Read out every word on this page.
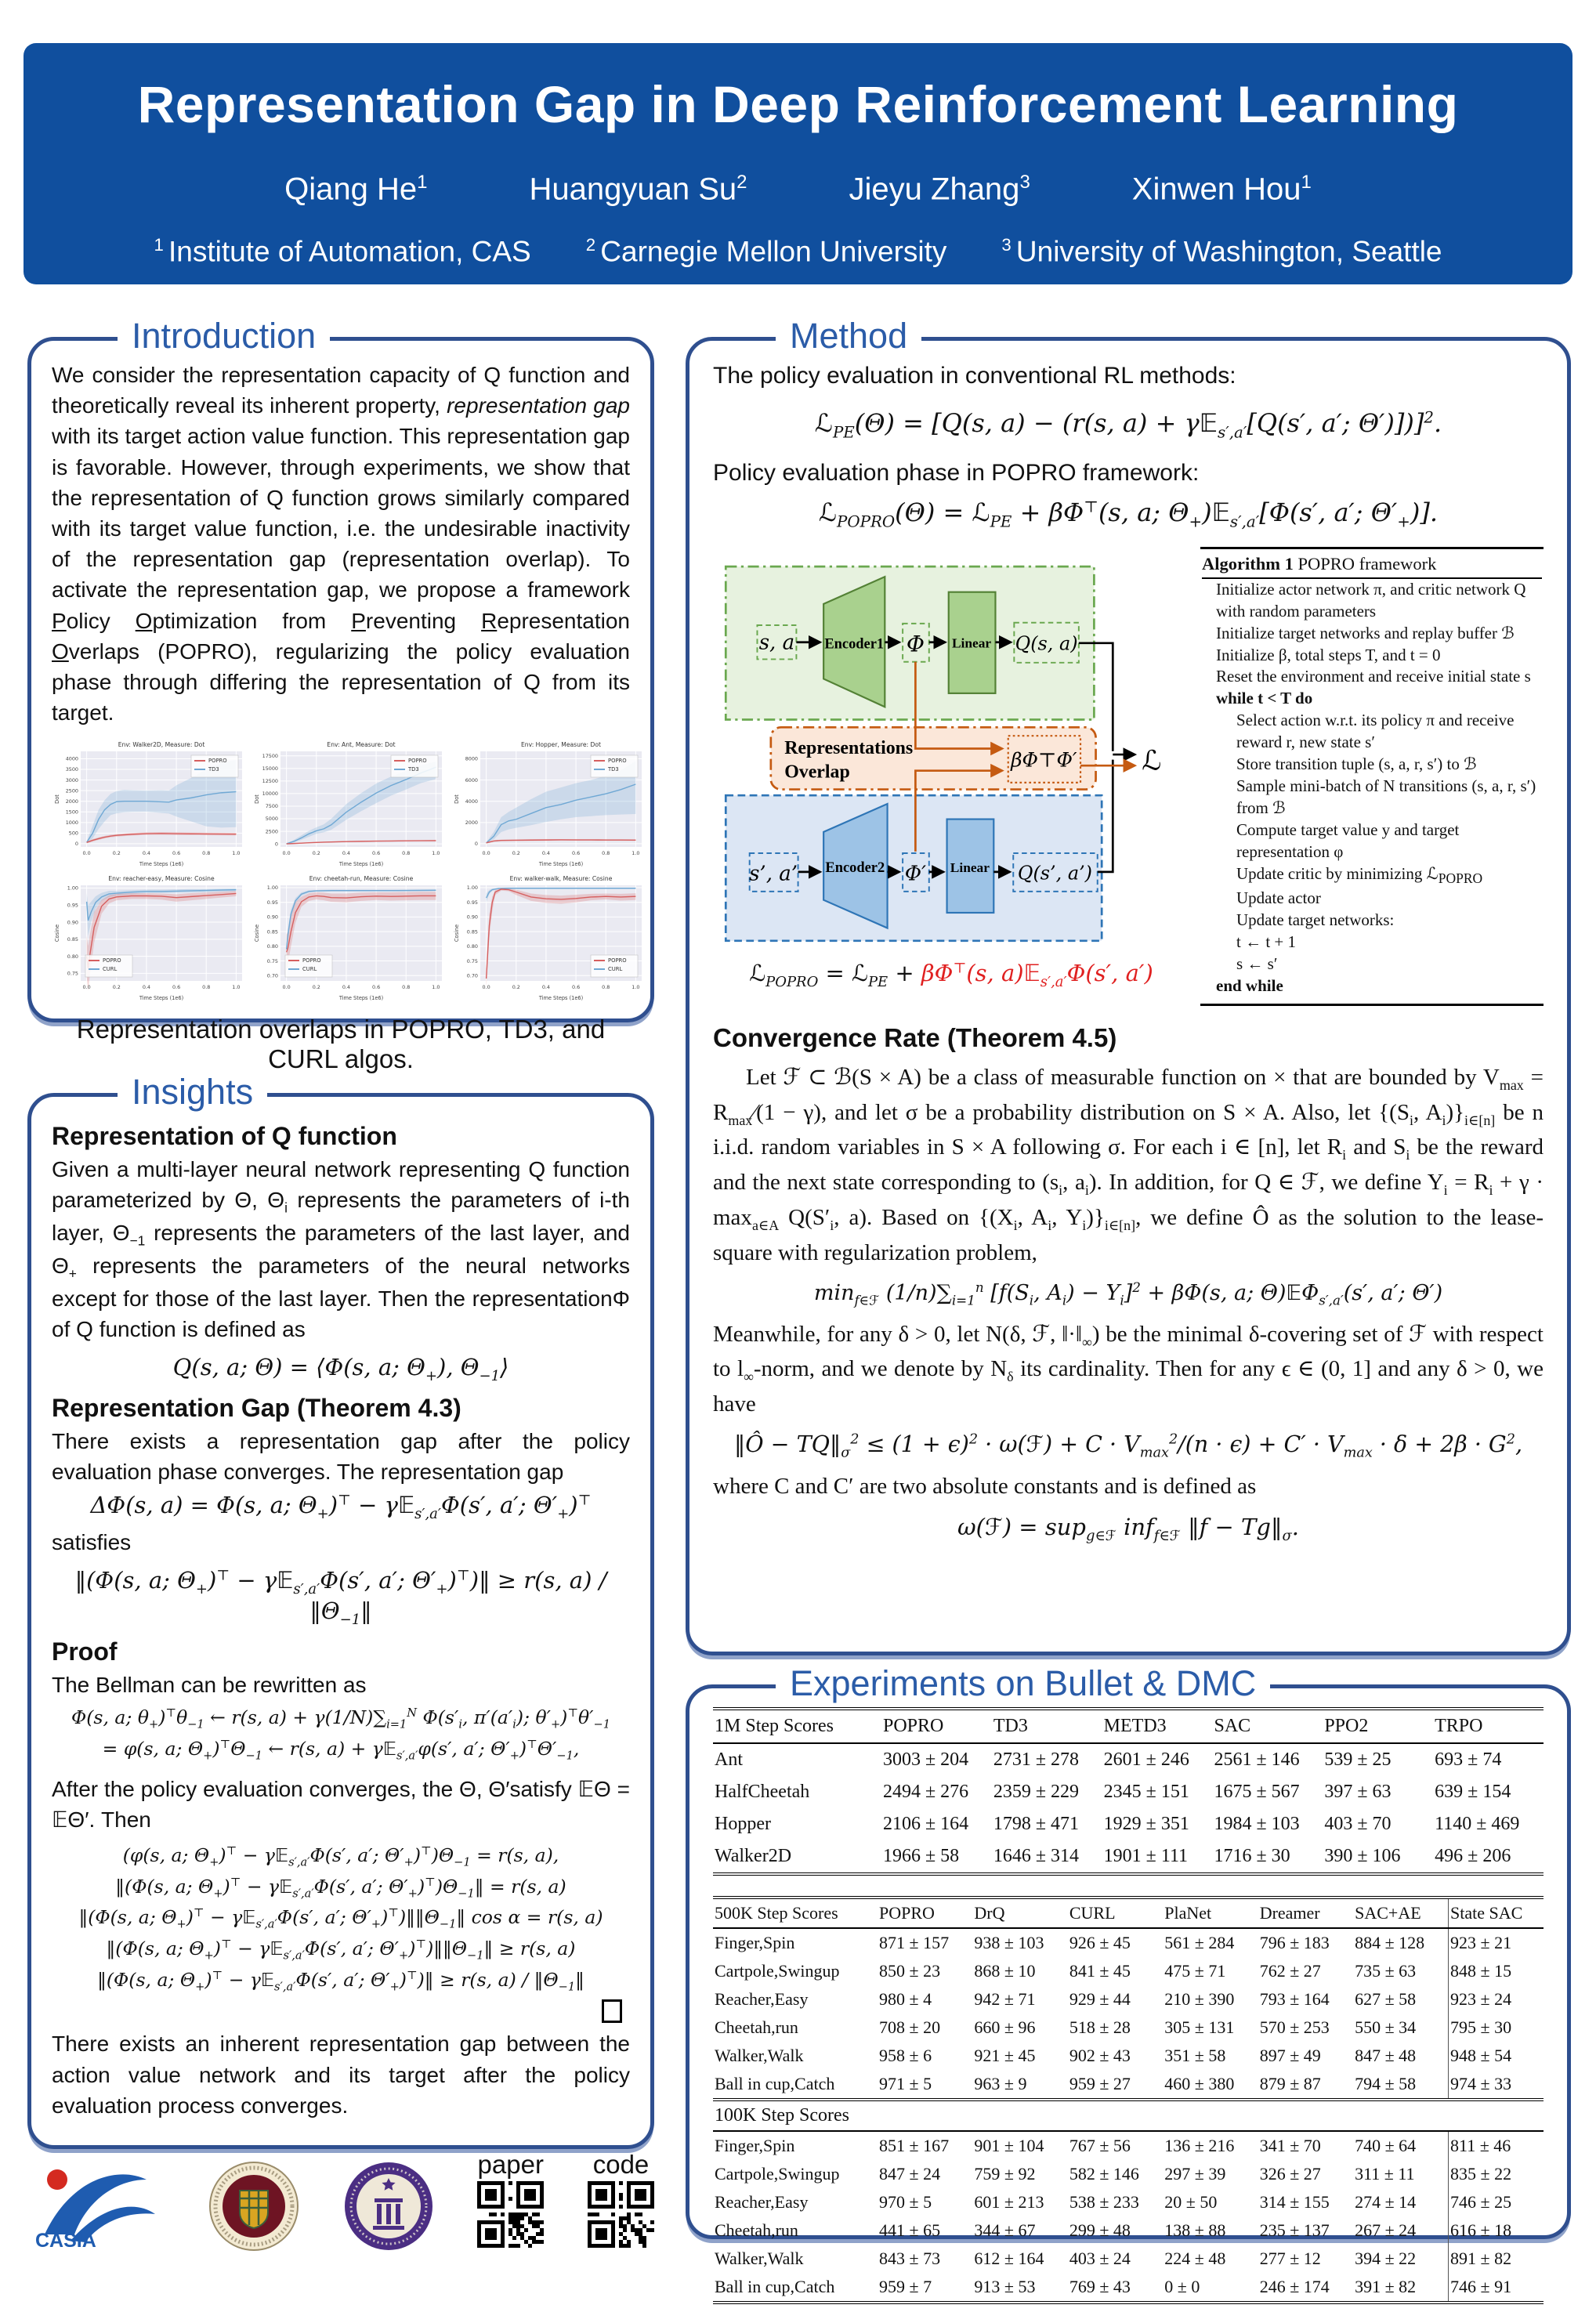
Representation Gap in Deep Reinforcement Learning
Qiang He$^1$	Huangyuan Su$^2$	Jieyu Zhang$^3$	Xinwen Hou$^1$
$^1$ Institute of Automation, CAS	$^2$ Carnegie Mellon University	$^3$ University of Washington, Seattle
Introduction
We consider the representation capacity of Q function and theoretically reveal its inherent property, representation gap with its target action value function. This representation gap is favorable. However, through experiments, we show that the representation of Q function grows similarly compared with its target value function, i.e. the undesirable inactivity of the representation gap (representation overlap). To activate the representation gap, we propose a framework Policy Optimization from Preventing Representation Overlaps (POPRO), regularizing the policy evaluation phase through differing the representation of Q from its target.
0
500
1000
1500
2000
2500
3000
3500
4000
0.0	0.2	0.4	0.6	0.8	1.0
Env: Walker2D, Measure: Dot
Time Steps (1e6)
Dot
POPRO
TD3
0
2500
5000
7500
10000
12500
15000
17500
0.0	0.2	0.4	0.6	0.8	1.0
Env: Ant, Measure: Dot
Time Steps (1e6)
Dot
POPRO
TD3
0
2000
4000
6000
8000
0.0	0.2	0.4	0.6	0.8	1.0
Env: Hopper, Measure: Dot
Time Steps (1e6)
Dot
POPRO
TD3
0.75
0.80
0.85
0.90
0.95
1.00
0.0	0.2	0.4	0.6	0.8	1.0
Env: reacher-easy, Measure: Cosine
Time Steps (1e6)
Cosine
POPRO
CURL
0.70
0.75
0.80
0.85
0.90
0.95
1.00
0.0	0.2	0.4	0.6	0.8	1.0
Env: cheetah-run, Measure: Cosine
Time Steps (1e6)
Cosine
POPRO
CURL
0.70
0.75
0.80
0.85
0.90
0.95
1.00
0.0	0.2	0.4	0.6	0.8	1.0
Env: walker-walk, Measure: Cosine
Time Steps (1e6)
Cosine
POPRO
CURL
Representation overlaps in POPRO, TD3, and CURL algos.
Insights
Representation of Q function
Given a multi-layer neural network representing Q function parameterized by Θ, $\Theta_i$ represents the parameters of i-th layer, $\Theta_{-1}$ represents the parameters of the last layer, and $\Theta_+$ represents the parameters of the neural networks except for those of the last layer. Then the representationΦ of Q function is defined as
Q(s, a; Θ) = ⟨Φ(s, a; $\Theta_+$), $\Theta_{-1}⟩$
Representation Gap (Theorem 4.3)
There exists a representation gap after the policy evaluation phase converges. The representation gap
ΔΦ(s, a) = Φ(s, a; $\Theta_+)^⊤$ − γ𝔼$_{s',a'}$Φ(s′, a′; $\Theta'_+)^⊤$
satisfies
‖(Φ(s, a; $\Theta_+)^⊤$ − γ𝔼$_{s',a'}$Φ(s′, a′; $\Theta'_+)^⊤)‖ \ge r(s$, a) ∕ $‖\Theta_{-1}‖$
Proof
The Bellman can be rewritten as
Φ(s, a; $\theta_+)^⊤\theta_{-1}$ ← r(s, $a) + \gamma(1∕N)\sum_{i=1}^N$ $\Phi(s'_i$, $\pi'(a'_i)$; $\theta'_+)^⊤\theta'_{-1}$
= φ(s, a; $\Theta_+)^⊤\Theta_{-1}$ ← r(s, a) + γ𝔼$_{s',a'}$φ(s′, a′; $\Theta'_+)^⊤\Theta'_{-1}$,
After the policy evaluation converges, the Θ, Θ′satisfy 𝔼Θ = 𝔼Θ′. Then
(φ(s, a; $\Theta_+)^⊤$ − γ𝔼$_{s',a'}$Φ(s′, a′; $\Theta'_+)^⊤)\Theta_{-1} = r(s$, a),
‖(Φ(s, a; $\Theta_+)^⊤$ − γ𝔼$_{s',a'}$Φ(s′, a′; $\Theta'_+)^⊤)\Theta_{-1}‖ = r(s$, a)
‖(Φ(s, a; $\Theta_+)^⊤$ − γ𝔼$_{s',a'}$Φ(s′, a′; $\Theta'_+)^⊤)‖‖\Theta_{-1}‖$ cos α = r(s, a)
‖(Φ(s, a; $\Theta_+)^⊤$ − γ𝔼$_{s',a'}$Φ(s′, a′; $\Theta'_+)^⊤)‖‖\Theta_{-1}‖ \ge r(s$, a)
‖(Φ(s, a; $\Theta_+)^⊤$ − γ𝔼$_{s',a'}$Φ(s′, a′; $\Theta'_+)^⊤)‖ \ge r(s$, a) ∕ $‖\Theta_{-1}‖$
There exists an inherent representation gap between the action value network and its target after the policy evaluation process converges.
Method
The policy evaluation in conventional RL methods:
ℒ$_{PE}$(Θ) = [Q(s, a) − (r(s, a) + γ𝔼$_{s',a'}$[Q(s′, a′; Θ′)])]$^2$.
Policy evaluation phase in POPRO framework:
ℒ$_{POPRO}$(Θ) = ℒ$_{PE}$ + βΦ⊤(s, a; $\Theta_+)𝔼_{s',a'}[\Phi(s'$, a′; $\Theta'_+$)].
s, a Encoder1 Φ Linear Q(s, a)
Representations
Overlap
βΦ⊤Φ′
s’, a’ Encoder2 Φ′ Linear Q(s’, a’)
ℒ
ℒ$_{POPRO}$ = ℒ$_{PE}$ + βΦ⊤(s, a)𝔼$_{s',a'}$Φ(s′, a′)
Algorithm 1 POPRO framework
Initialize actor network π, and critic network Q with random parameters
Initialize target networks and replay buffer ℬ
Initialize β, total steps T, and t = 0
Reset the environment and receive initial state s
while t < T do
Select action w.r.t. its policy π and receive reward r, new state s′
Store transition tuple (s, a, r, s′) to ℬ
Sample mini-batch of N transitions (s, a, r, s′) from ℬ
Compute target value y and target representation φ
Update critic by minimizing ℒ$_{POPRO}$
Update actor
Update target networks:
t ← t + 1
s ← s′
end while
Convergence Rate (Theorem 4.5)
Let ℱ ⊂ ℬ(S × A) be a class of measurable function on × that are bounded by $V_{max}$ = $R_{max}∕(1 - \gamma)$, and let σ be a probability distribution on S × A. Also, let {($S_i$, $A_i)\}_{i\in[n]}$ be n i.i.d. random variables in S × A following σ. For each i ∈ [n], let $R_i$ and $S_i$ be the reward and the next state corresponding to ($s_i$, $a_i$). In addition, for Q ∈ ℱ, we define $Y_i = R_i + \gamma \cdot \max_{a\in A} Q(S'_i$, a). Based on {($X_i$, $A_i$, $Y_i)\}_{i\in[n]}$, we define Ô as the solution to the lease-square with regularization problem,
$\min_{f\in ℱ}$ $(1∕n)\sum_{i=1}^n$ [$f(S_i$, $A_i) - Y_i]^2 + \beta\Phi(s$, a; Θ)𝔼Φ$_{s',a'}$(s′, a′; Θ′)
Meanwhile, for any δ > 0, let N(δ, ℱ, $‖\cdot‖_\infty$) be the minimal δ-covering set of ℱ with respect to $l_\infty$-norm, and we denote by $N_\delta$ its cardinality. Then for any ϵ ∈ (0, 1] and any δ > 0, we have
‖Ô − $TQ‖_\sigma^2 \le (1 + \epsilon)^2$ · ω(ℱ) + $C \cdot V_{max}^2∕(n \cdot \epsilon) + C' \cdot V_{max} \cdot \delta + 2\beta \cdot G^2$,
where C and C′ are two absolute constants and is defined as
ω(ℱ) = sup$_{g\in ℱ}$ inf$_{f\in ℱ}$ ‖f − $Tg‖_\sigma$.
Experiments on Bullet & DMC
1M Step Scores	POPRO	TD3	METD3	SAC	PPO2	TRPO
Ant	3003 ± 204	2731 ± 278	2601 ± 246	2561 ± 146	539 ± 25	693 ± 74
HalfCheetah	2494 ± 276	2359 ± 229	2345 ± 151	1675 ± 567	397 ± 63	639 ± 154
Hopper	2106 ± 164	1798 ± 471	1929 ± 351	1984 ± 103	403 ± 70	1140 ± 469
Walker2D	1966 ± 58	1646 ± 314	1901 ± 111	1716 ± 30	390 ± 106	496 ± 206
500K Step Scores	POPRO	DrQ	CURL	PlaNet	Dreamer	SAC+AE	State SAC
Finger,Spin	871 ± 157	938 ± 103	926 ± 45	561 ± 284	796 ± 183	884 ± 128	923 ± 21
Cartpole,Swingup	850 ± 23	868 ± 10	841 ± 45	475 ± 71	762 ± 27	735 ± 63	848 ± 15
Reacher,Easy	980 ± 4	942 ± 71	929 ± 44	210 ± 390	793 ± 164	627 ± 58	923 ± 24
Cheetah,run	708 ± 20	660 ± 96	518 ± 28	305 ± 131	570 ± 253	550 ± 34	795 ± 30
Walker,Walk	958 ± 6	921 ± 45	902 ± 43	351 ± 58	897 ± 49	847 ± 48	948 ± 54
Ball in cup,Catch	971 ± 5	963 ± 9	959 ± 27	460 ± 380	879 ± 87	794 ± 58	974 ± 33
100K Step Scores							
Finger,Spin	851 ± 167	901 ± 104	767 ± 56	136 ± 216	341 ± 70	740 ± 64	811 ± 46
Cartpole,Swingup	847 ± 24	759 ± 92	582 ± 146	297 ± 39	326 ± 27	311 ± 11	835 ± 22
Reacher,Easy	970 ± 5	601 ± 213	538 ± 233	20 ± 50	314 ± 155	274 ± 14	746 ± 25
Cheetah,run	441 ± 65	344 ± 67	299 ± 48	138 ± 88	235 ± 137	267 ± 24	616 ± 18
Walker,Walk	843 ± 73	612 ± 164	403 ± 24	224 ± 48	277 ± 12	394 ± 22	891 ± 82
Ball in cup,Catch	959 ± 7	913 ± 53	769 ± 43	0 ± 0	246 ± 174	391 ± 82	746 ± 91
CASIA
paper code
